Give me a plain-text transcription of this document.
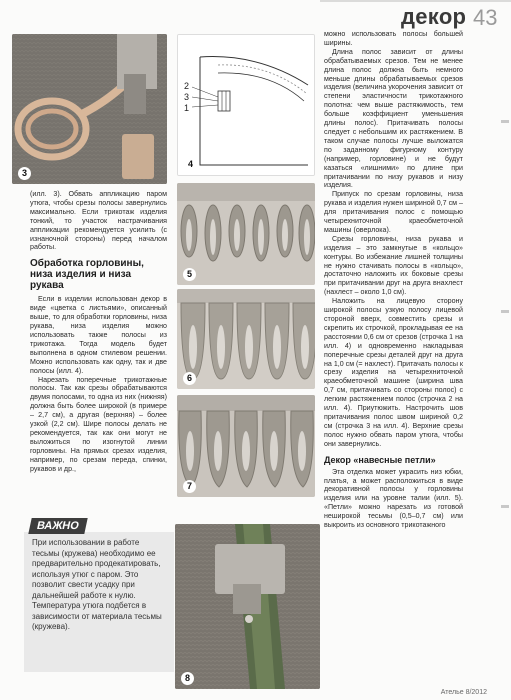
декор 43
3
2
3
1
4
5
6
7
8

(илл. 3). Обвать аппликацию паром утюга, чтобы срезы полосы завернулись максимально. Если трикотаж изделия тонкий, то участок настрачивания аппликации рекомендуется усилить (с изнаночной стороны) перед началом работы.

Обработка горловины, низа изделия и низа рукава

Если в изделии использован декор в виде «цветка с листьями», описанный выше, то для обработки горловины, низа рукава, низа изделия можно использовать также полосы из трикотажа. Тогда модель будет выполнена в одном стилевом решении. Можно использовать как одну, так и две полосы (илл. 4).

Нарезать поперечные трикотажные полосы. Так как срезы обрабатываются двумя полосами, то одна из них (нижняя) должна быть более широкой (в примере – 2,7 см), а другая (верхняя) – более узкой (2,2 см). Шире полосы делать не рекомендуется, так как они могут не выложиться по изогнутой линии горловины. На прямых срезах изделия, например, по срезам переда, спинки, рукавов и др.,

При использовании в работе тесьмы (кружева) необходимо ее предварительно продекатировать, используя утюг с паром. Это позволит свести усадку при дальнейшей работе к нулю. Температура утюга подбется в зависимости от материала тесьмы (кружева).
ВАЖНО

можно использовать полосы большей ширины.

Длина полос зависит от длины обрабатываемых срезов. Тем не менее длина полос должна быть немного меньше длины обрабатываемых срезов изделия (величина укорочения зависит от степени эластичности трикотажного полотна: чем выше растяжимость, тем больше коэффициент уменьшения длины полос). Притачивать полосы следует с небольшим их растяжением. В таком случае полосы лучше выложатся по заданному фигурному контуру (например, горловине) и не будут казаться «лишними» по длине при притачивании по низу рукавов и низу изделия.

Припуск по срезам горловины, низа рукава и изделия нужен шириной 0,7 см – для притачивания полос с помощью четырехниточной краеобметочной машины (оверлока).

Срезы горловины, низа рукава и изделия – это замкнутые в «кольцо» контуры. Во избежание лишней толщины не нужно стачивать полосы в «кольцо», достаточно наложить их боковые срезы при притачивании друг на друга внахлест (нахлест – около 1,0 см).

Наложить на лицевую сторону широкой полосы узкую полосу лицевой стороной вверх, совместить срезы и скрепить их строчкой, прокладывая ее на расстоянии 0,6 см от срезов (строчка 1 на илл. 4) и одновременно накладывая поперечные срезы деталей друг на друга на 1,0 см (= нахлест). Притачать полосы к срезу изделия на четырехниточной краеобметочной машине (ширина шва 0,7 см, притачивать со стороны полос) с легким растяжением полос (строчка 2 на илл. 4). Приутюжить. Настрочить шов притачивания полос швом шириной 0,2 см (строчка 3 на илл. 4). Верхние срезы полос нужно обвать паром утюга, чтобы они завернулись.

Декор «навесные петли»

Эта отделка может украсить низ юбки, платья, а может расположиться в виде декоративной полосы у горловины изделия или на уровне талии (илл. 5). «Петли» можно нарезать из готовой неширокой тесьмы (0,5–0,7 см) или выкроить из основного трикотажного

Ателье 8/2012
